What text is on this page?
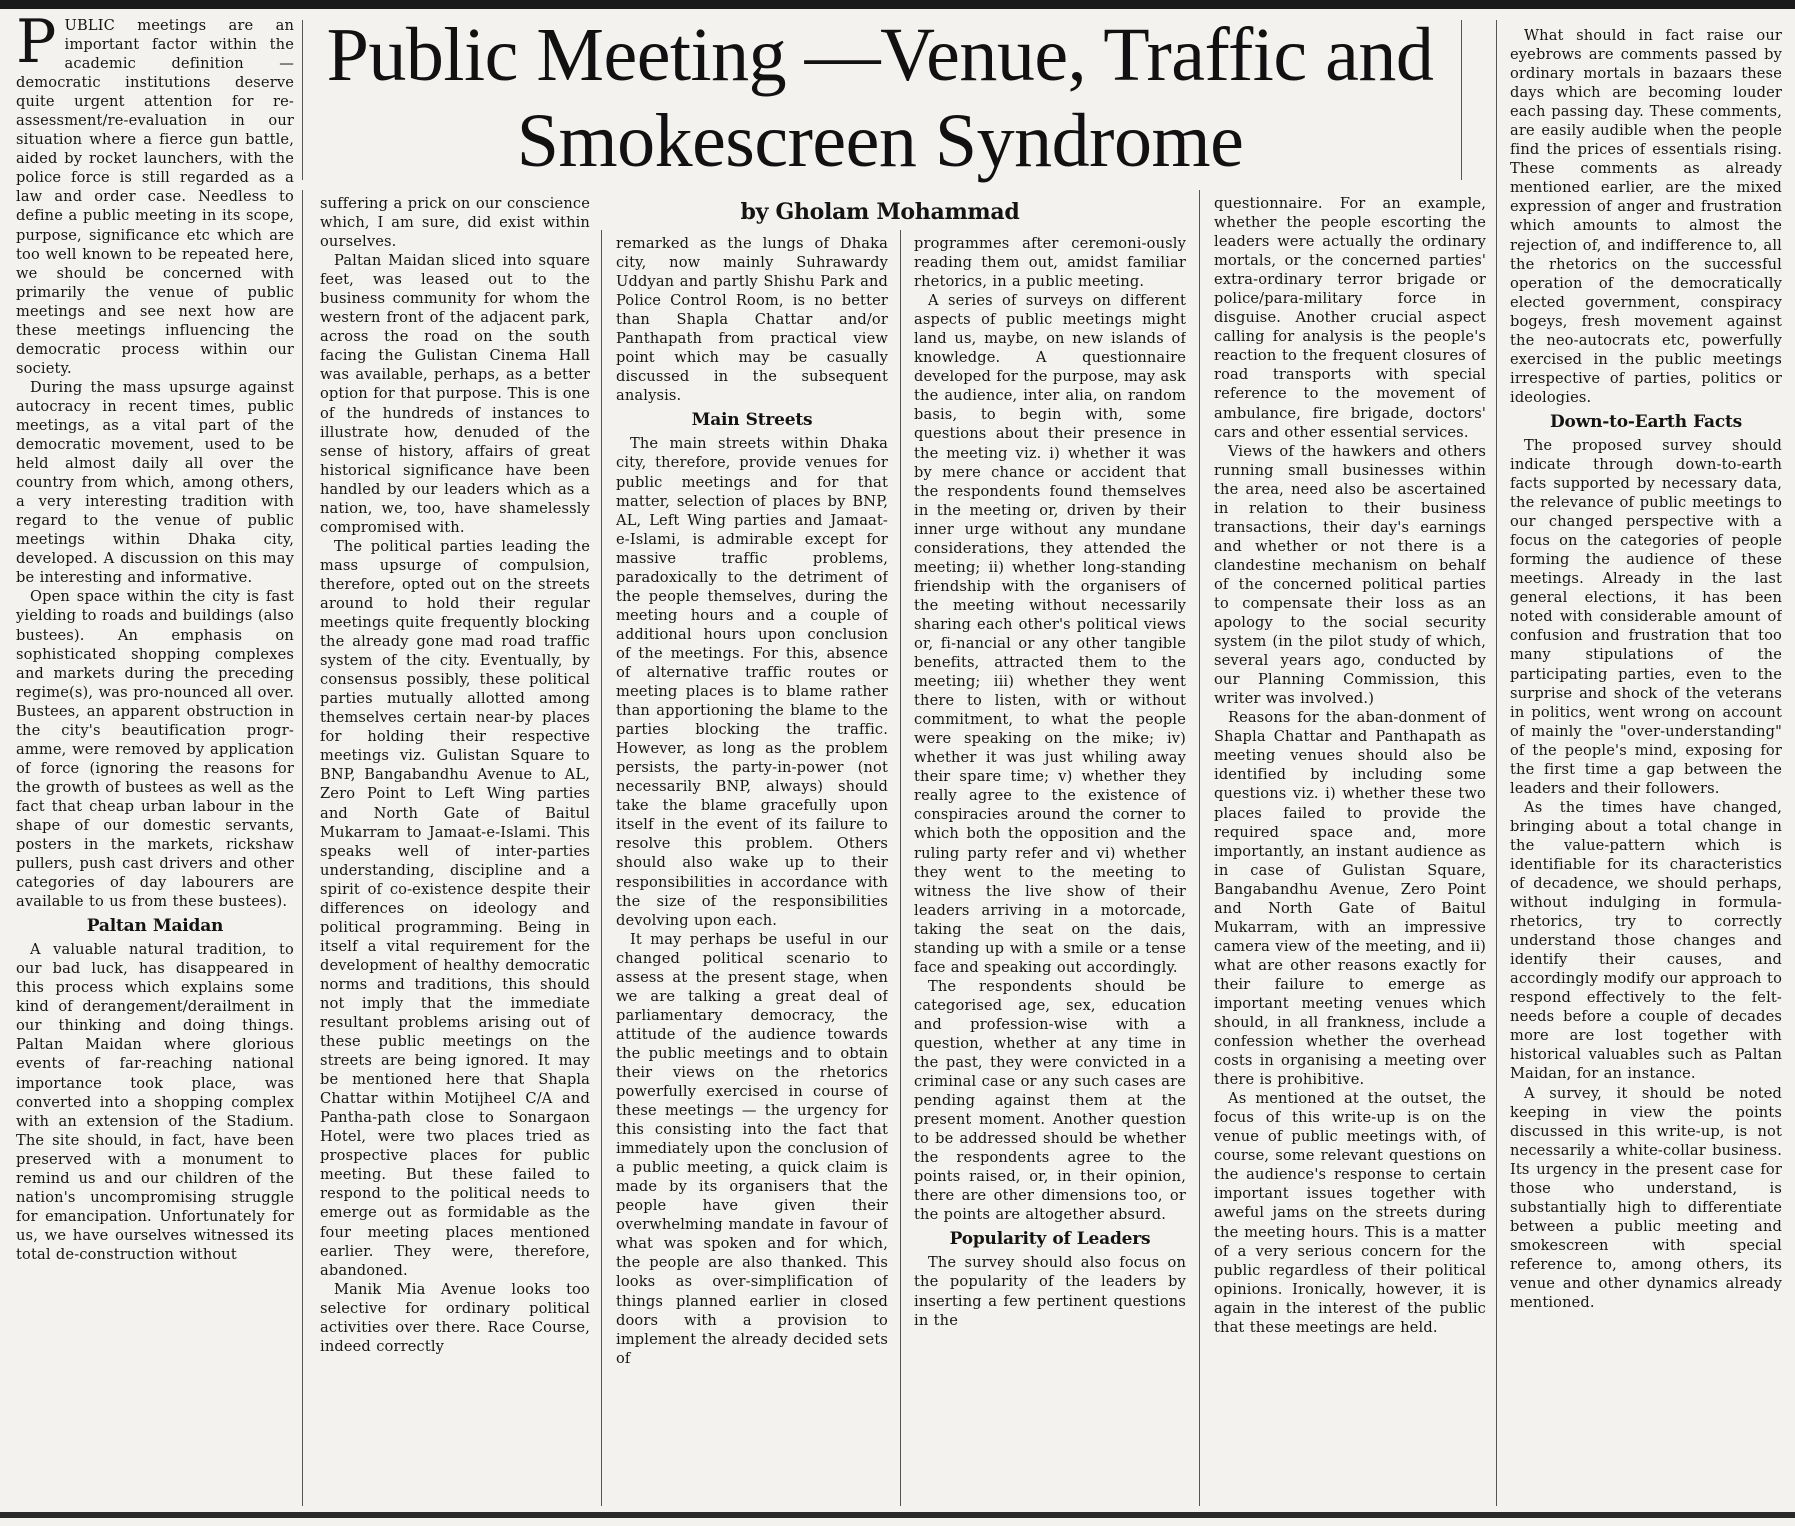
Public Meeting —Venue, Traffic and Smokescreen Syndrome
by Gholam Mohammad

PUBLIC meetings are an important factor within the academic definition — democratic institutions deserve quite urgent attention for re-assessment/re-evaluation in our situation where a fierce gun battle, aided by rocket launchers, with the police force is still regarded as a law and order case. Needless to define a public meeting in its scope, purpose, significance etc which are too well known to be repeated here, we should be concerned with primarily the venue of public meetings and see next how are these meetings influencing the democratic process within our society.

During the mass upsurge against autocracy in recent times, public meetings, as a vital part of the democratic movement, used to be held almost daily all over the country from which, among others, a very interesting tradition with regard to the venue of public meetings within Dhaka city, developed. A discussion on this may be interesting and informative.

Open space within the city is fast yielding to roads and buildings (also bustees). An emphasis on sophisticated shopping complexes and markets during the preceding regime(s), was pro-nounced all over. Bustees, an apparent obstruction in the city's beautification progr-amme, were removed by application of force (ignoring the reasons for the growth of bustees as well as the fact that cheap urban labour in the shape of our domestic servants, posters in the markets, rickshaw pullers, push cast drivers and other categories of day labourers are available to us from these bustees).

Paltan Maidan

A valuable natural tradition, to our bad luck, has disappeared in this process which explains some kind of derangement/derailment in our thinking and doing things. Paltan Maidan where glorious events of far-reaching national importance took place, was converted into a shopping complex with an extension of the Stadium. The site should, in fact, have been preserved with a monument to remind us and our children of the nation's uncompromising struggle for emancipation. Unfortunately for us, we have ourselves witnessed its total de-construction without

suffering a prick on our conscience which, I am sure, did exist within ourselves.

Paltan Maidan sliced into square feet, was leased out to the business community for whom the western front of the adjacent park, across the road on the south facing the Gulistan Cinema Hall was available, perhaps, as a better option for that purpose. This is one of the hundreds of instances to illustrate how, denuded of the sense of history, affairs of great historical significance have been handled by our leaders which as a nation, we, too, have shamelessly compromised with.

The political parties leading the mass upsurge of compulsion, therefore, opted out on the streets around to hold their regular meetings quite frequently blocking the already gone mad road traffic system of the city. Eventually, by consensus possibly, these political parties mutually allotted among themselves certain near-by places for holding their respective meetings viz. Gulistan Square to BNP, Bangabandhu Avenue to AL, Zero Point to Left Wing parties and North Gate of Baitul Mukarram to Jamaat-e-Islami. This speaks well of inter-parties understanding, discipline and a spirit of co-existence despite their differences on ideology and political programming. Being in itself a vital requirement for the development of healthy democratic norms and traditions, this should not imply that the immediate resultant problems arising out of these public meetings on the streets are being ignored. It may be mentioned here that Shapla Chattar within Motijheel C/A and Pantha-path close to Sonargaon Hotel, were two places tried as prospective places for public meeting. But these failed to respond to the political needs to emerge out as formidable as the four meeting places mentioned earlier. They were, therefore, abandoned.

Manik Mia Avenue looks too selective for ordinary political activities over there. Race Course, indeed correctly

remarked as the lungs of Dhaka city, now mainly Suhrawardy Uddyan and partly Shishu Park and Police Control Room, is no better than Shapla Chattar and/or Panthapath from practical view point which may be casually discussed in the subsequent analysis.

Main Streets

The main streets within Dhaka city, therefore, provide venues for public meetings and for that matter, selection of places by BNP, AL, Left Wing parties and Jamaat-e-Islami, is admirable except for massive traffic problems, paradoxically to the detriment of the people themselves, during the meeting hours and a couple of additional hours upon conclusion of the meetings. For this, absence of alternative traffic routes or meeting places is to blame rather than apportioning the blame to the parties blocking the traffic. However, as long as the problem persists, the party-in-power (not necessarily BNP, always) should take the blame gracefully upon itself in the event of its failure to resolve this problem. Others should also wake up to their responsibilities in accordance with the size of the responsibilities devolving upon each.

It may perhaps be useful in our changed political scenario to assess at the present stage, when we are talking a great deal of parliamentary democracy, the attitude of the audience towards the public meetings and to obtain their views on the rhetorics powerfully exercised in course of these meetings — the urgency for this consisting into the fact that immediately upon the conclusion of a public meeting, a quick claim is made by its organisers that the people have given their overwhelming mandate in favour of what was spoken and for which, the people are also thanked. This looks as over-simplification of things planned earlier in closed doors with a provision to implement the already decided sets of

programmes after ceremoni-ously reading them out, amidst familiar rhetorics, in a public meeting.

A series of surveys on different aspects of public meetings might land us, maybe, on new islands of knowledge. A questionnaire developed for the purpose, may ask the audience, inter alia, on random basis, to begin with, some questions about their presence in the meeting viz. i) whether it was by mere chance or accident that the respondents found themselves in the meeting or, driven by their inner urge without any mundane considerations, they attended the meeting; ii) whether long-standing friendship with the organisers of the meeting without necessarily sharing each other's political views or, fi-nancial or any other tangible benefits, attracted them to the meeting; iii) whether they went there to listen, with or without commitment, to what the people were speaking on the mike; iv) whether it was just whiling away their spare time; v) whether they really agree to the existence of conspiracies around the corner to which both the opposition and the ruling party refer and vi) whether they went to the meeting to witness the live show of their leaders arriving in a motorcade, taking the seat on the dais, standing up with a smile or a tense face and speaking out accordingly.

The respondents should be categorised age, sex, education and profession-wise with a question, whether at any time in the past, they were convicted in a criminal case or any such cases are pending against them at the present moment. Another question to be addressed should be whether the respondents agree to the points raised, or, in their opinion, there are other dimensions too, or the points are altogether absurd.

Popularity of Leaders

The survey should also focus on the popularity of the leaders by inserting a few pertinent questions in the

questionnaire. For an example, whether the people escorting the leaders were actually the ordinary mortals, or the concerned parties' extra-ordinary terror brigade or police/para-military force in disguise. Another crucial aspect calling for analysis is the people's reaction to the frequent closures of road transports with special reference to the movement of ambulance, fire brigade, doctors' cars and other essential services.

Views of the hawkers and others running small businesses within the area, need also be ascertained in relation to their business transactions, their day's earnings and whether or not there is a clandestine mechanism on behalf of the concerned political parties to compensate their loss as an apology to the social security system (in the pilot study of which, several years ago, conducted by our Planning Commission, this writer was involved.)

Reasons for the aban-donment of Shapla Chattar and Panthapath as meeting venues should also be identified by including some questions viz. i) whether these two places failed to provide the required space and, more importantly, an instant audience as in case of Gulistan Square, Bangabandhu Avenue, Zero Point and North Gate of Baitul Mukarram, with an impressive camera view of the meeting, and ii) what are other reasons exactly for their failure to emerge as important meeting venues which should, in all frankness, include a confession whether the overhead costs in organising a meeting over there is prohibitive.

As mentioned at the outset, the focus of this write-up is on the venue of public meetings with, of course, some relevant questions on the audience's response to certain important issues together with aweful jams on the streets during the meeting hours. This is a matter of a very serious concern for the public regardless of their political opinions. Ironically, however, it is again in the interest of the public that these meetings are held.

What should in fact raise our eyebrows are comments passed by ordinary mortals in bazaars these days which are becoming louder each passing day. These comments, are easily audible when the people find the prices of essentials rising. These comments as already mentioned earlier, are the mixed expression of anger and frustration which amounts to almost the rejection of, and indifference to, all the rhetorics on the successful operation of the democratically elected government, conspiracy bogeys, fresh movement against the neo-autocrats etc, powerfully exercised in the public meetings irrespective of parties, politics or ideologies.

Down-to-Earth Facts

The proposed survey should indicate through down-to-earth facts supported by necessary data, the relevance of public meetings to our changed perspective with a focus on the categories of people forming the audience of these meetings. Already in the last general elections, it has been noted with considerable amount of confusion and frustration that too many stipulations of the participating parties, even to the surprise and shock of the veterans in politics, went wrong on account of mainly the "over-understanding" of the people's mind, exposing for the first time a gap between the leaders and their followers.

As the times have changed, bringing about a total change in the value-pattern which is identifiable for its characteristics of decadence, we should perhaps, without indulging in formula-rhetorics, try to correctly understand those changes and identify their causes, and accordingly modify our approach to respond effectively to the felt-needs before a couple of decades more are lost together with historical valuables such as Paltan Maidan, for an instance.

A survey, it should be noted keeping in view the points discussed in this write-up, is not necessarily a white-collar business. Its urgency in the present case for those who understand, is substantially high to differentiate between a public meeting and smokescreen with special reference to, among others, its venue and other dynamics already mentioned.
